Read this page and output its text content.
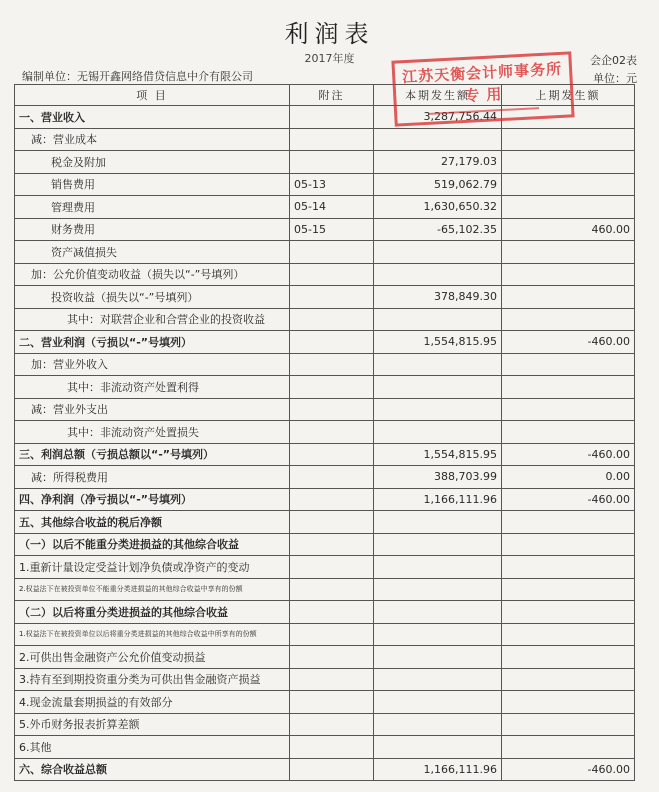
利润表
2017年度	会企02表
编制单位：无锡开鑫网络借贷信息中介有限公司	单位：元
项 目	附注	本期发生额	上期发生额
一、营业收入		3,287,756.44	
减：营业成本			
税金及附加		27,179.03	
销售费用	05-13	519,062.79	
管理费用	05-14	1,630,650.32	
财务费用	05-15	-65,102.35	460.00
资产减值损失			
加：公允价值变动收益（损失以“-”号填列）			
投资收益（损失以“-”号填列）		378,849.30	
其中：对联营企业和合营企业的投资收益			
二、营业利润（亏损以“-”号填列）		1,554,815.95	-460.00
加：营业外收入			
其中：非流动资产处置利得			
减：营业外支出			
其中：非流动资产处置损失			
三、利润总额（亏损总额以“-”号填列）		1,554,815.95	-460.00
减：所得税费用		388,703.99	0.00
四、净利润（净亏损以“-”号填列）		1,166,111.96	-460.00
五、其他综合收益的税后净额			
（一）以后不能重分类进损益的其他综合收益			
1.重新计量设定受益计划净负债或净资产的变动			
2.权益法下在被投资单位不能重分类进损益的其他综合收益中享有的份额			
（二）以后将重分类进损益的其他综合收益			
1.权益法下在被投资单位以后将重分类进损益的其他综合收益中所享有的份额			
2.可供出售金融资产公允价值变动损益			
3.持有至到期投资重分类为可供出售金融资产损益			
4.现金流量套期损益的有效部分			
5.外币财务报表折算差额			
6.其他			
六、综合收益总额		1,166,111.96	-460.00
江苏天衡会计师事务所
专 用
